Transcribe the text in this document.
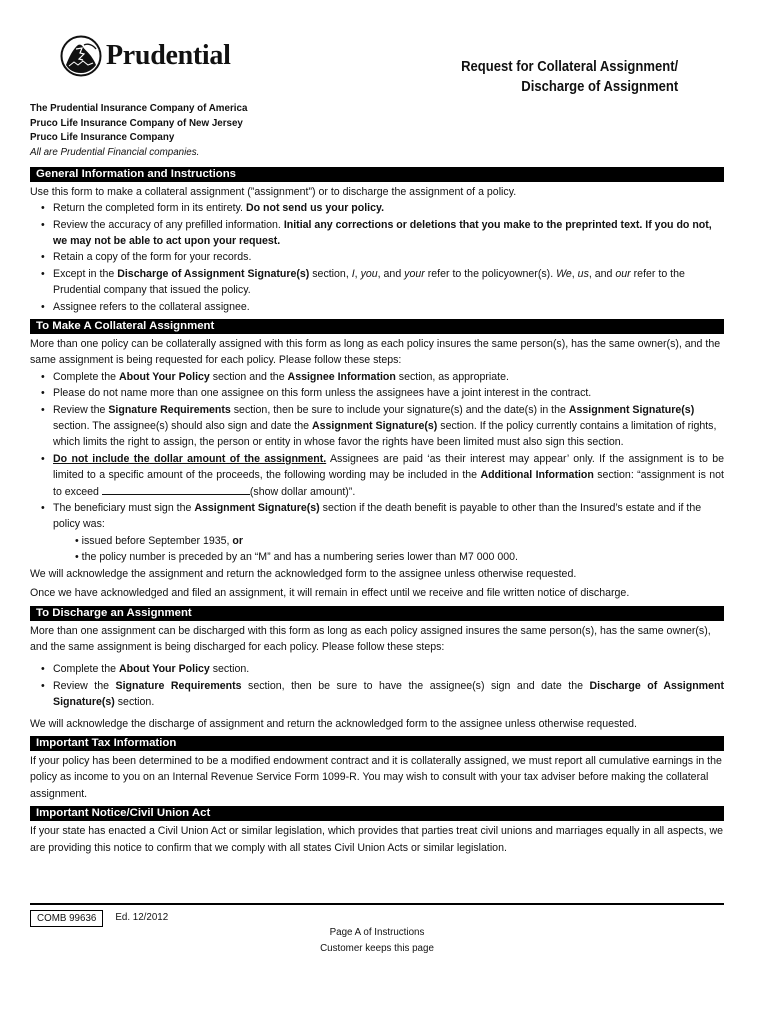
Prudential	Request for Collateral Assignment/
Discharge of Assignment
The Prudential Insurance Company of America
Pruco Life Insurance Company of New Jersey
Pruco Life Insurance Company
All are Prudential Financial companies.
General Information and Instructions

Use this form to make a collateral assignment (”assignment”) or to discharge the assignment of a policy.

• Return the completed form in its entirety. Do not send us your policy.
• Review the accuracy of any prefilled information. Initial any corrections or deletions that you make to the preprinted text. If you do not, we may not be able to act upon your request.
• Retain a copy of the form for your records.
• Except in the Discharge of Assignment Signature(s) section, I, you, and your refer to the policyowner(s). We, us, and our refer to the Prudential company that issued the policy.
• Assignee refers to the collateral assignee.
To Make A Collateral Assignment

More than one policy can be collaterally assigned with this form as long as each policy insures the same person(s), has the same owner(s), and the same assignment is being requested for each policy. Please follow these steps:

• Complete the About Your Policy section and the Assignee Information section, as appropriate.
• Please do not name more than one assignee on this form unless the assignees have a joint interest in the contract.
• Review the Signature Requirements section, then be sure to include your signature(s) and the date(s) in the Assignment Signature(s) section. The assignee(s) should also sign and date the Assignment Signature(s) section. If the policy currently contains a limitation of rights, which limits the right to assign, the person or entity in whose favor the rights have been limited must also sign this section.
• Do not include the dollar amount of the assignment. Assignees are paid ‘as their interest may appear’ only. If the assignment is to be limited to a specific amount of the proceeds, the following wording may be included in the Additional Information section: “assignment is not to exceed	(show dollar amount)”.
• The beneficiary must sign the Assignment Signature(s) section if the death benefit is payable to other than the Insured’s estate and if the policy was:
• issued before September 1935, or
• the policy number is preceded by an “M” and has a numbering series lower than M7 000 000.

We will acknowledge the assignment and return the acknowledged form to the assignee unless otherwise requested.

Once we have acknowledged and filed an assignment, it will remain in effect until we receive and file written notice of discharge.

To Discharge an Assignment

More than one assignment can be discharged with this form as long as each policy assigned insures the same person(s), has the same owner(s), and the same assignment is being discharged for each policy. Please follow these steps:

• Complete the About Your Policy section.
• Review the Signature Requirements section, then be sure to have the assignee(s) sign and date the Discharge of Assignment Signature(s) section.

We will acknowledge the discharge of assignment and return the acknowledged form to the assignee unless otherwise requested.

Important Tax Information

If your policy has been determined to be a modified endowment contract and it is collaterally assigned, we must report all cumulative earnings in the policy as income to you on an Internal Revenue Service Form 1099-R. You may wish to consult with your tax adviser before making the collateral assignment.

Important Notice/Civil Union Act

If your state has enacted a Civil Union Act or similar legislation, which provides that parties treat civil unions and marriages equally in all aspects, we are providing this notice to confirm that we comply with all states Civil Union Acts or similar legislation.

COMB 99636	Ed. 12/2012
Page A of Instructions
Customer keeps this page
